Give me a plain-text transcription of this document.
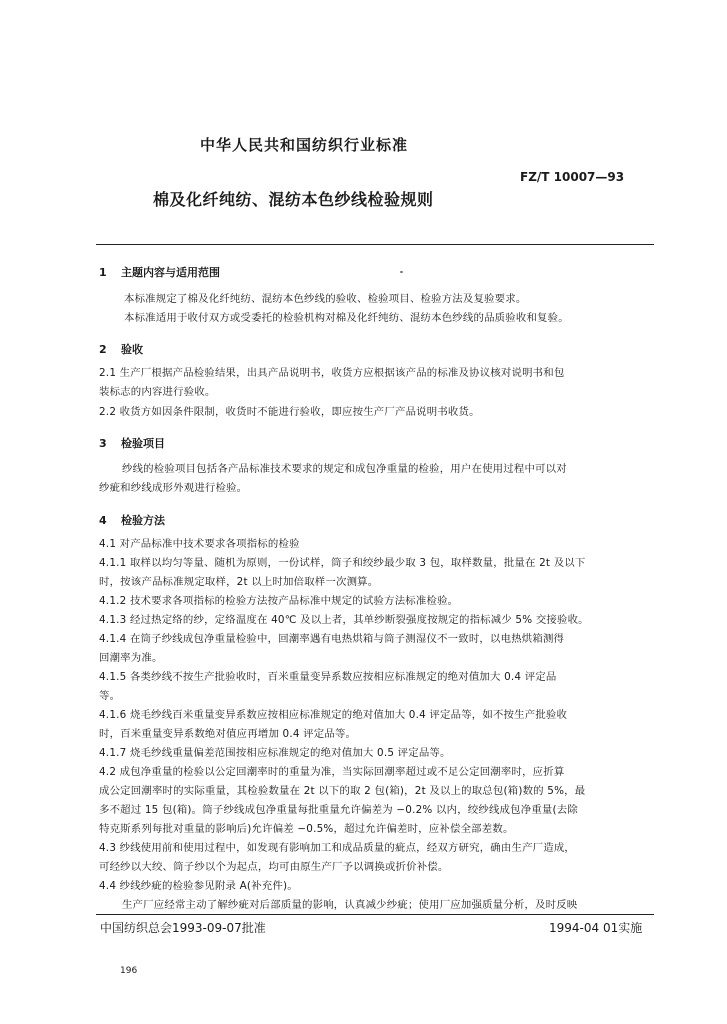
中华人民共和国纺织行业标准
FZ/T 10007—93
棉及化纤纯纺、混纺本色纱线检验规则
1 主题内容与适用范围
本标准规定了棉及化纤纯纺、混纺本色纱线的验收、检验项目、检验方法及复验要求。
本标准适用于收付双方或受委托的检验机构对棉及化纤纯纺、混纺本色纱线的品质验收和复验。
2 验收
2.1 生产厂根据产品检验结果，出具产品说明书，收货方应根据该产品的标准及协议核对说明书和包
装标志的内容进行验收。
2.2 收货方如因条件限制，收货时不能进行验收，即应按生产厂产品说明书收货。
3 检验项目
纱线的检验项目包括各产品标准技术要求的规定和成包净重量的检验，用户在使用过程中可以对
纱疵和纱线成形外观进行检验。
4 检验方法
4.1 对产品标准中技术要求各项指标的检验
4.1.1 取样以均匀等量、随机为原则，一份试样，筒子和绞纱最少取 3 包，取样数量，批量在 2t 及以下
时，按该产品标准规定取样，2t 以上时加倍取样一次测算。
4.1.2 技术要求各项指标的检验方法按产品标准中规定的试验方法标准检验。
4.1.3 经过热定络的纱，定络温度在 40℃ 及以上者，其单纱断裂强度按规定的指标减少 5% 交接验收。
4.1.4 在筒子纱线成包净重量检验中，回潮率遇有电热烘箱与筒子测湿仪不一致时，以电热烘箱测得
回潮率为准。
4.1.5 各类纱线不按生产批验收时，百米重量变异系数应按相应标准规定的绝对值加大 0.4 评定品
等。
4.1.6 烧毛纱线百米重量变异系数应按相应标准规定的绝对值加大 0.4 评定品等，如不按生产批验收
时，百米重量变异系数绝对值应再增加 0.4 评定品等。
4.1.7 烧毛纱线重量偏差范围按相应标准规定的绝对值加大 0.5 评定品等。
4.2 成包净重量的检验以公定回潮率时的重量为准，当实际回潮率超过或不足公定回潮率时，应折算
成公定回潮率时的实际重量，其检验数量在 2t 以下的取 2 包(箱)，2t 及以上的取总包(箱)数的 5%，最
多不超过 15 包(箱)。筒子纱线成包净重量每批重量允许偏差为 −0.2% 以内，绞纱线成包净重量(去除
特克斯系列每批对重量的影响后)允许偏差 −0.5%，超过允许偏差时，应补偿全部差数。
4.3 纱线使用前和使用过程中，如发现有影响加工和成品质量的疵点，经双方研究，确由生产厂造成，
可经纱以大绞、筒子纱以个为起点，均可由原生产厂予以调换或折价补偿。
4.4 纱线纱疵的检验参见附录 A(补充件)。
生产厂应经常主动了解纱疵对后部质量的影响，认真减少纱疵；使用厂应加强质量分析，及时反映
中国纺织总会1993-09-07批准	1994-04 01实施
196
